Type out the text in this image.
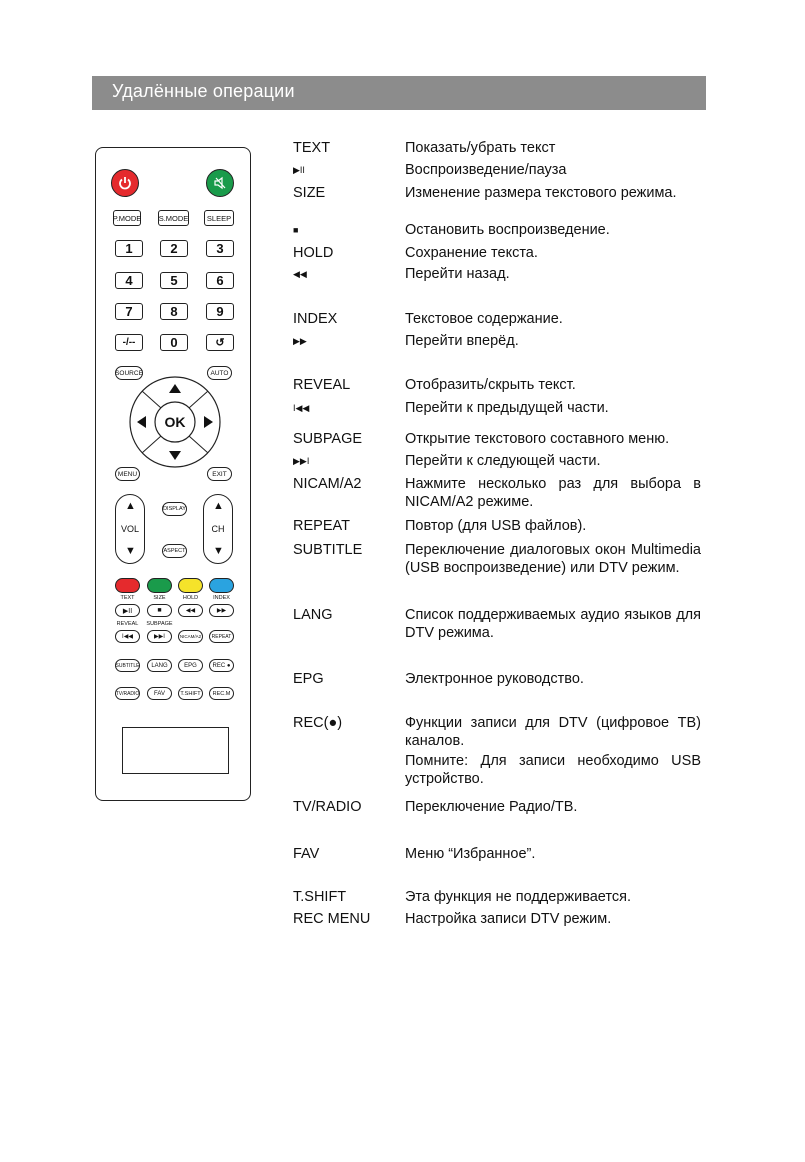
Удалённые операции
P.MODE S.MODE	SLEEP
1	2	3
4	5	6
7	8	9
-/--	0	↺
SOURCE	AUTO
OK
MENU	EXIT
▲
VOL
▼
▲
CH
▼
DISPLAY
ASPECT
TEXT	SIZE	HOLD	INDEX
▶II	■	◀◀	▶▶
REVEAL	SUBPAGE
I◀◀	▶▶I	NICAM/A2	REPEAT
SUBTITLE	LANG	EPG	REC ●
TV/RADIO	FAV	T.SHIFT	REC.M
TEXT	Показать/убрать текст
▶II	Воспроизведение/пауза
SIZE	Изменение размера текстового режима.
■	Остановить воспроизведение.
HOLD	Сохранение текста.
◀◀	Перейти назад.
INDEX	Текстовое содержание.
▶▶	Перейти вперёд.
REVEAL	Отобразить/скрыть текст.
I◀◀	Перейти к предыдущей части.
SUBPAGE	Открытие текстового составного меню.
▶▶I	Перейти к следующей части.
NICAM/A2	Нажмите несколько раз для выбора в NICAM/A2 режиме.
REPEAT	Повтор (для USB файлов).
SUBTITLE	Переключение диалоговых окон Multimedia (USB воспроизведение) или DTV режим.
LANG	Список поддерживаемых аудио языков для DTV режима.
EPG	Электронное руководство.
REC(●)	Функции записи для DTV (цифровое ТВ) каналов.
Помните: Для записи необходимо USB устройство.
TV/RADIO	Переключение Радио/ТВ.
FAV	Меню “Избранное”.
T.SHIFT	Эта функция не поддерживается.
REC MENU	Настройка записи DTV режим.
